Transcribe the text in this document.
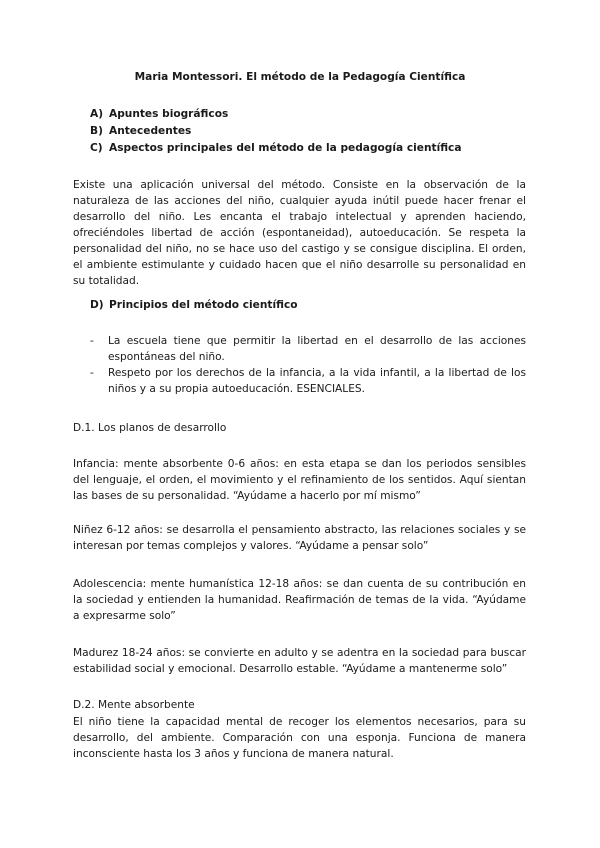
Maria Montessori. El método de la Pedagogía Científica
A) Apuntes biográficos
B) Antecedentes
C) Aspectos principales del método de la pedagogía científica

Existe una aplicación universal del método. Consiste en la observación de la naturaleza de las acciones del niño, cualquier ayuda inútil puede hacer frenar el desarrollo del niño. Les encanta el trabajo intelectual y aprenden haciendo, ofreciéndoles libertad de acción (espontaneidad), autoeducación. Se respeta la personalidad del niño, no se hace uso del castigo y se consigue disciplina. El orden, el ambiente estimulante y cuidado hacen que el niño desarrolle su personalidad en su totalidad.

D) Principios del método científico
-	La escuela tiene que permitir la libertad en el desarrollo de las acciones espontáneas del niño.
-	Respeto por los derechos de la infancia, a la vida infantil, a la libertad de los niños y a su propia autoeducación. ESENCIALES.
D.1. Los planos de desarrollo

Infancia: mente absorbente 0-6 años: en esta etapa se dan los periodos sensibles del lenguaje, el orden, el movimiento y el refinamiento de los sentidos. Aquí sientan las bases de su personalidad. “Ayúdame a hacerlo por mí mismo”

Niñez 6-12 años: se desarrolla el pensamiento abstracto, las relaciones sociales y se interesan por temas complejos y valores. “Ayúdame a pensar solo”

Adolescencia: mente humanística 12-18 años: se dan cuenta de su contribución en la sociedad y entienden la humanidad. Reafirmación de temas de la vida. “Ayúdame a expresarme solo”

Madurez 18-24 años: se convierte en adulto y se adentra en la sociedad para buscar estabilidad social y emocional. Desarrollo estable. “Ayúdame a mantenerme solo”

D.2. Mente absorbente

El niño tiene la capacidad mental de recoger los elementos necesarios, para su desarrollo, del ambiente. Comparación con una esponja. Funciona de manera inconsciente hasta los 3 años y funciona de manera natural.
